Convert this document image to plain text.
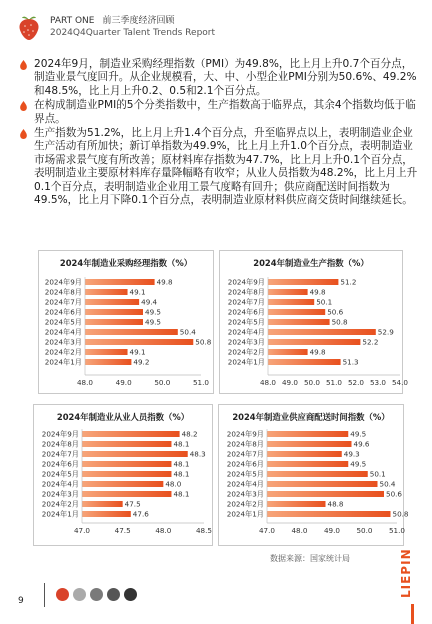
PART ONE 前三季度经济回顾
2024Q4Quarter Talent Trends Report
2024年9月，制造业采购经理指数（PMI）为49.8%，比上月上升0.7个百分点，制造业景气度回升。从企业规模看，大、中、小型企业PMI分别为50.6%、49.2%和48.5%，比上月上升0.2、0.5和2.1个百分点。
在构成制造业PMI的5个分类指数中，生产指数高于临界点，其余4个指数均低于临界点。
生产指数为51.2%，比上月上升1.4个百分点，升至临界点以上，表明制造业企业生产活动有所加快；新订单指数为49.9%，比上月上升1.0个百分点，表明制造业市场需求景气度有所改善；原材料库存指数为47.7%，比上月上升0.1个百分点，表明制造业主要原材料库存量降幅略有收窄；从业人员指数为48.2%，比上月上升0.1个百分点，表明制造业企业用工景气度略有回升；供应商配送时间指数为49.5%，比上月下降0.1个百分点，表明制造业原材料供应商交货时间继续延长。
2024年制造业采购经理指数（%）
2024年9月	49.8
2024年8月	49.1
2024年7月	49.4
2024年6月	49.5
2024年5月	49.5
2024年4月	50.4
2024年3月	50.8
2024年2月	49.1
2024年1月	49.2
48.0	49.0	50.0	51.0
2024年制造业生产指数（%）
2024年9月	51.2
2024年8月	49.8
2024年7月	50.1
2024年6月	50.6
2024年5月	50.8
2024年4月	52.9
2024年3月	52.2
2024年2月	49.8
2024年1月	51.3
48.0 49.0 50.0 51.0 52.0 53.0 54.0
2024年制造业从业人员指数（%）
2024年9月	48.2
2024年8月	48.1
2024年7月	48.3
2024年6月	48.1
2024年5月	48.1
2024年4月	48.0
2024年3月	48.1
2024年2月	47.5
2024年1月	47.6
47.0	47.5	48.0	48.5
2024年制造业供应商配送时间指数（%）
2024年9月	49.5
2024年8月	49.6
2024年7月	49.3
2024年6月	49.5
2024年5月	50.1
2024年4月	50.4
2024年3月	50.6
2024年2月	48.8
2024年1月	50.8
47.0 48.0 49.0 50.0 51.0
数据来源：国家统计局
9
LIEPIN
